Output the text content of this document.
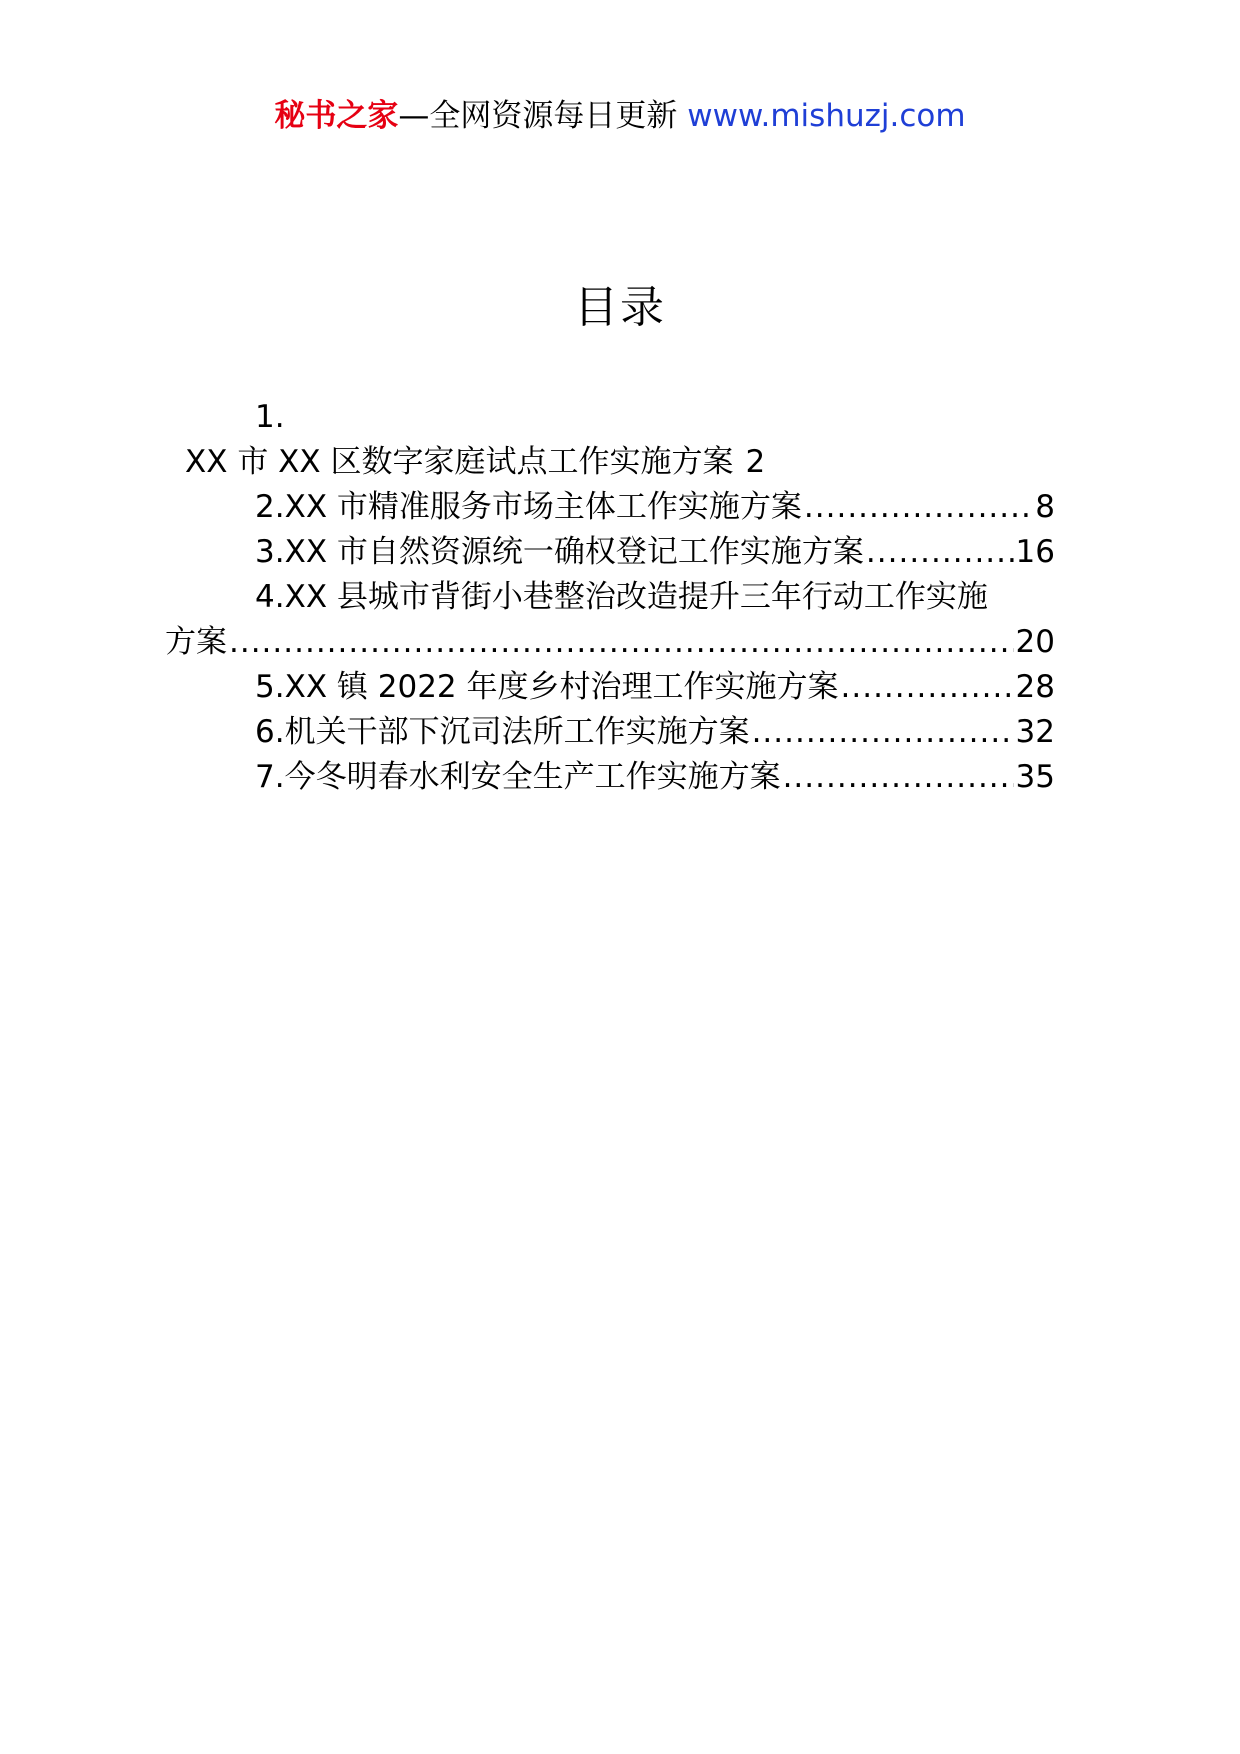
秘书之家—全网资源每日更新 www.mishuzj.com
目录
1.
XX 市 XX 区数字家庭试点工作实施方案 2
2.XX 市精准服务市场主体工作实施方案 .....	8
3.XX 市自然资源统一确权登记工作实施方案 .....	16
4.XX 县城市背街小巷整治改造提升三年行动工作实施
方案 .....	20
5.XX 镇 2022 年度乡村治理工作实施方案 .....	28
6.机关干部下沉司法所工作实施方案 .....	32
7.今冬明春水利安全生产工作实施方案 .....	35
